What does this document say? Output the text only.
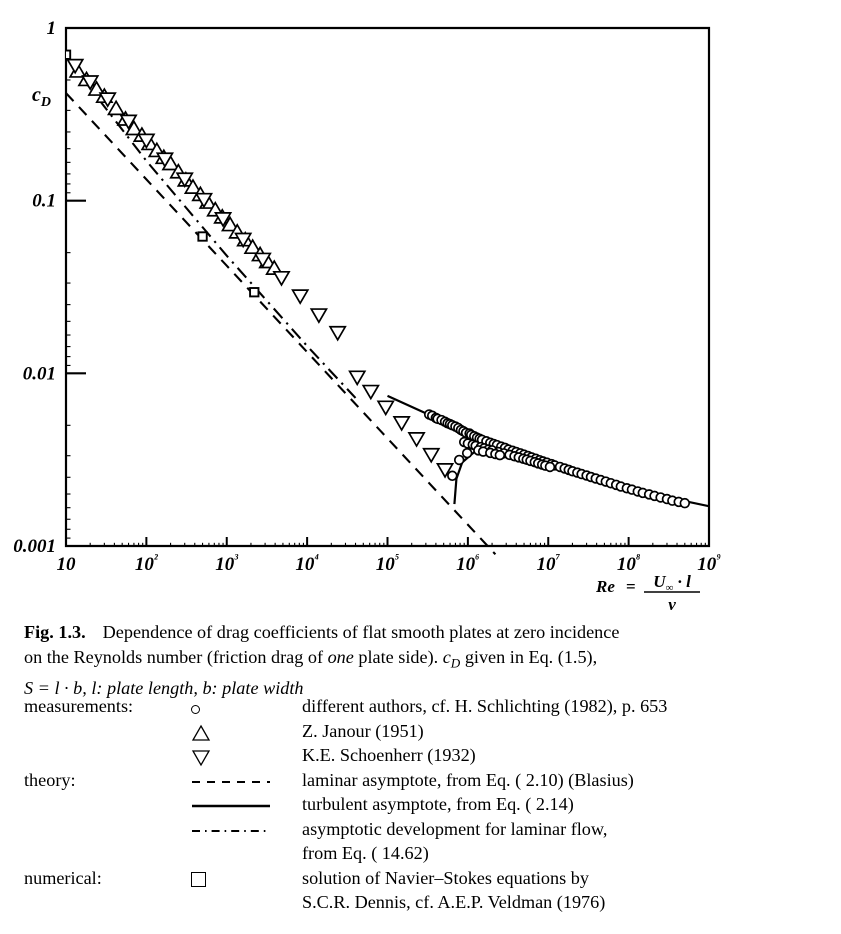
1
0.1
0.01
0.001
10	$10^{^2}$	$10^{^3}$	$10^{^4}$	$10^{^5}$	$10^{^6}$	$10^{^7}$	$10^{^8}$	$10^{^9}$
$c_D$
$Re = U_\infty \cdot l$
ν
Fig. 1.3. Dependence of drag coefficients of flat smooth plates at zero incidence
on the Reynolds number (friction drag of one plate side). $c_D$ given in Eq. (1.5),
S = l · b, l: plate length, b: plate width
measurements:	different authors, cf. H. Schlichting (1982), p. 653
Z. Janour (1951)
K.E. Schoenherr (1932)
theory:	laminar asymptote, from Eq. ( 2.10) (Blasius)
turbulent asymptote, from Eq. ( 2.14)
asymptotic development for laminar flow,
from Eq. ( 14.62)
numerical:	solution of Navier–Stokes equations by
S.C.R. Dennis, cf. A.E.P. Veldman (1976)
